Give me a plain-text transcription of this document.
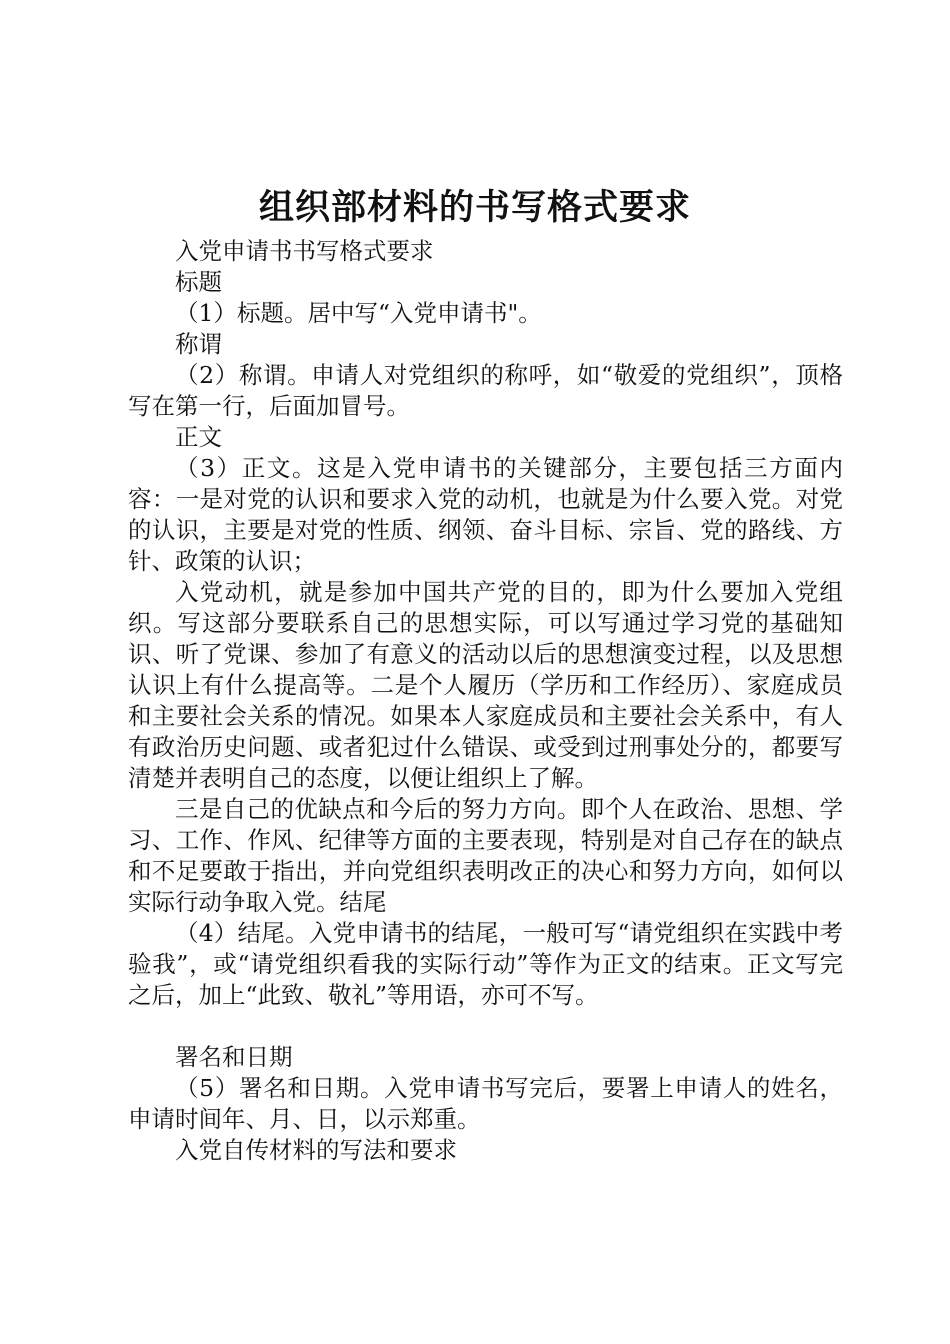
组织部材料的书写格式要求

入党申请书书写格式要求

标题

（1）标题。居中写“入党申请书"。

称谓

（2）称谓。申请人对党组织的称呼，如“敬爱的党组织”，顶格写在第一行，后面加冒号。

正文

（3）正文。这是入党申请书的关键部分，主要包括三方面内容：一是对党的认识和要求入党的动机，也就是为什么要入党。对党的认识，主要是对党的性质、纲领、奋斗目标、宗旨、党的路线、方针、政策的认识；

入党动机，就是参加中国共产党的目的，即为什么要加入党组织。写这部分要联系自己的思想实际，可以写通过学习党的基础知识、听了党课、参加了有意义的活动以后的思想演变过程，以及思想认识上有什么提高等。二是个人履历（学历和工作经历）、家庭成员和主要社会关系的情况。如果本人家庭成员和主要社会关系中，有人有政治历史问题、或者犯过什么错误、或受到过刑事处分的，都要写清楚并表明自己的态度，以便让组织上了解。

三是自己的优缺点和今后的努力方向。即个人在政治、思想、学习、工作、作风、纪律等方面的主要表现，特别是对自己存在的缺点和不足要敢于指出，并向党组织表明改正的决心和努力方向，如何以实际行动争取入党。结尾

（4）结尾。入党申请书的结尾，一般可写“请党组织在实践中考验我”，或“请党组织看我的实际行动”等作为正文的结束。正文写完之后，加上“此致、敬礼”等用语，亦可不写。

署名和日期

（5）署名和日期。入党申请书写完后，要署上申请人的姓名，申请时间年、月、日，以示郑重。

入党自传材料的写法和要求
